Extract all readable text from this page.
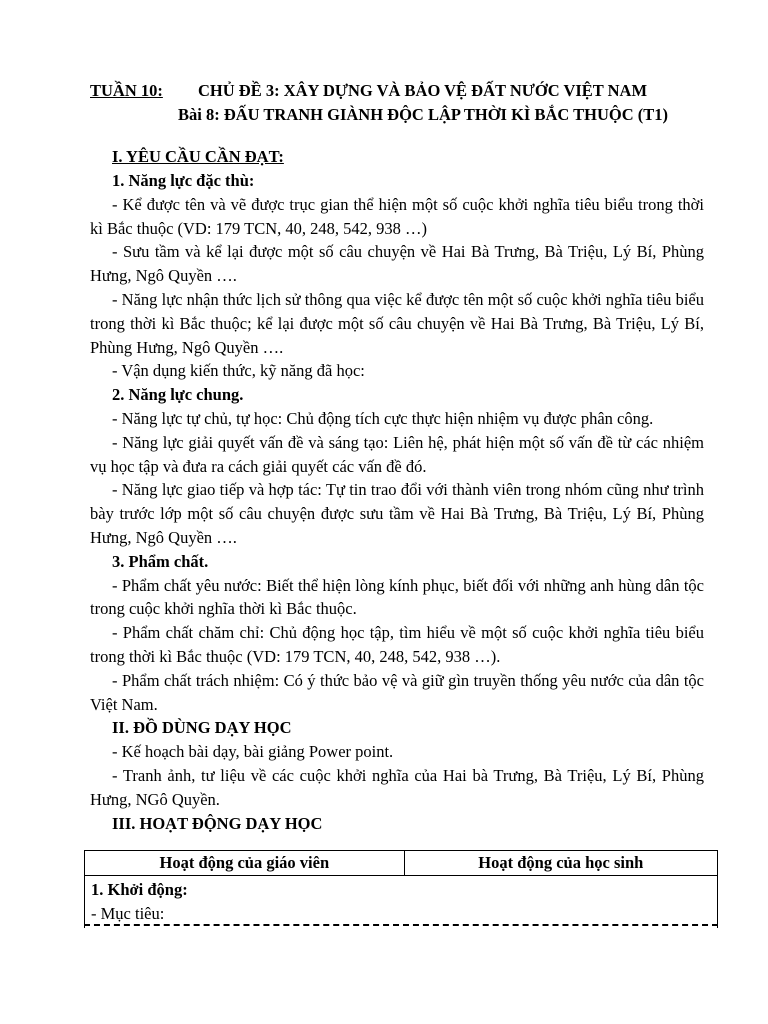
TUẦN 10: CHỦ ĐỀ 3: XÂY DỰNG VÀ BẢO VỆ ĐẤT NƯỚC VIỆT NAM
Bài 8: ĐẤU TRANH GIÀNH ĐỘC LẬP THỜI KÌ BẮC THUỘC (T1)
I. YÊU CẦU CẦN ĐẠT:
1. Năng lực đặc thù:
- Kể được tên và vẽ được trục gian thể hiện một số cuộc khởi nghĩa tiêu biểu trong thời kì Bắc thuộc (VD: 179 TCN, 40, 248, 542, 938 …)
- Sưu tầm và kể lại được một số câu chuyện về Hai Bà Trưng, Bà Triệu, Lý Bí, Phùng Hưng, Ngô Quyền ….
- Năng lực nhận thức lịch sử thông qua việc kể được tên một số cuộc khởi nghĩa tiêu biểu trong thời kì Bắc thuộc; kể lại được một số câu chuyện về Hai Bà Trưng, Bà Triệu, Lý Bí, Phùng Hưng, Ngô Quyền ….
- Vận dụng kiến thức, kỹ năng đã học:
2. Năng lực chung.
- Năng lực tự chủ, tự học: Chủ động tích cực thực hiện nhiệm vụ được phân công.
- Năng lực giải quyết vấn đề và sáng tạo: Liên hệ, phát hiện một số vấn đề từ các nhiệm vụ học tập và đưa ra cách giải quyết các vấn đề đó.
- Năng lực giao tiếp và hợp tác: Tự tin trao đổi với thành viên trong nhóm cũng như trình bày trước lớp một số câu chuyện được sưu tầm về Hai Bà Trưng, Bà Triệu, Lý Bí, Phùng Hưng, Ngô Quyền ….
3. Phẩm chất.
- Phẩm chất yêu nước: Biết thể hiện lòng kính phục, biết đối với những anh hùng dân tộc trong cuộc khởi nghĩa thời kì Bắc thuộc.
- Phẩm chất chăm chỉ: Chủ động học tập, tìm hiểu về một số cuộc khởi nghĩa tiêu biểu trong thời kì Bắc thuộc (VD: 179 TCN, 40, 248, 542, 938 …).
- Phẩm chất trách nhiệm: Có ý thức bảo vệ và giữ gìn truyền thống yêu nước của dân tộc Việt Nam.
II. ĐỒ DÙNG DẠY HỌC
- Kế hoạch bài dạy, bài giảng Power point.
- Tranh ảnh, tư liệu về các cuộc khởi nghĩa của Hai bà Trưng, Bà Triệu, Lý Bí, Phùng Hưng, NGô Quyền.
III. HOẠT ĐỘNG DẠY HỌC
Hoạt động của giáo viên	Hoạt động của học sinh

1. Khởi động:
- Mục tiêu:
